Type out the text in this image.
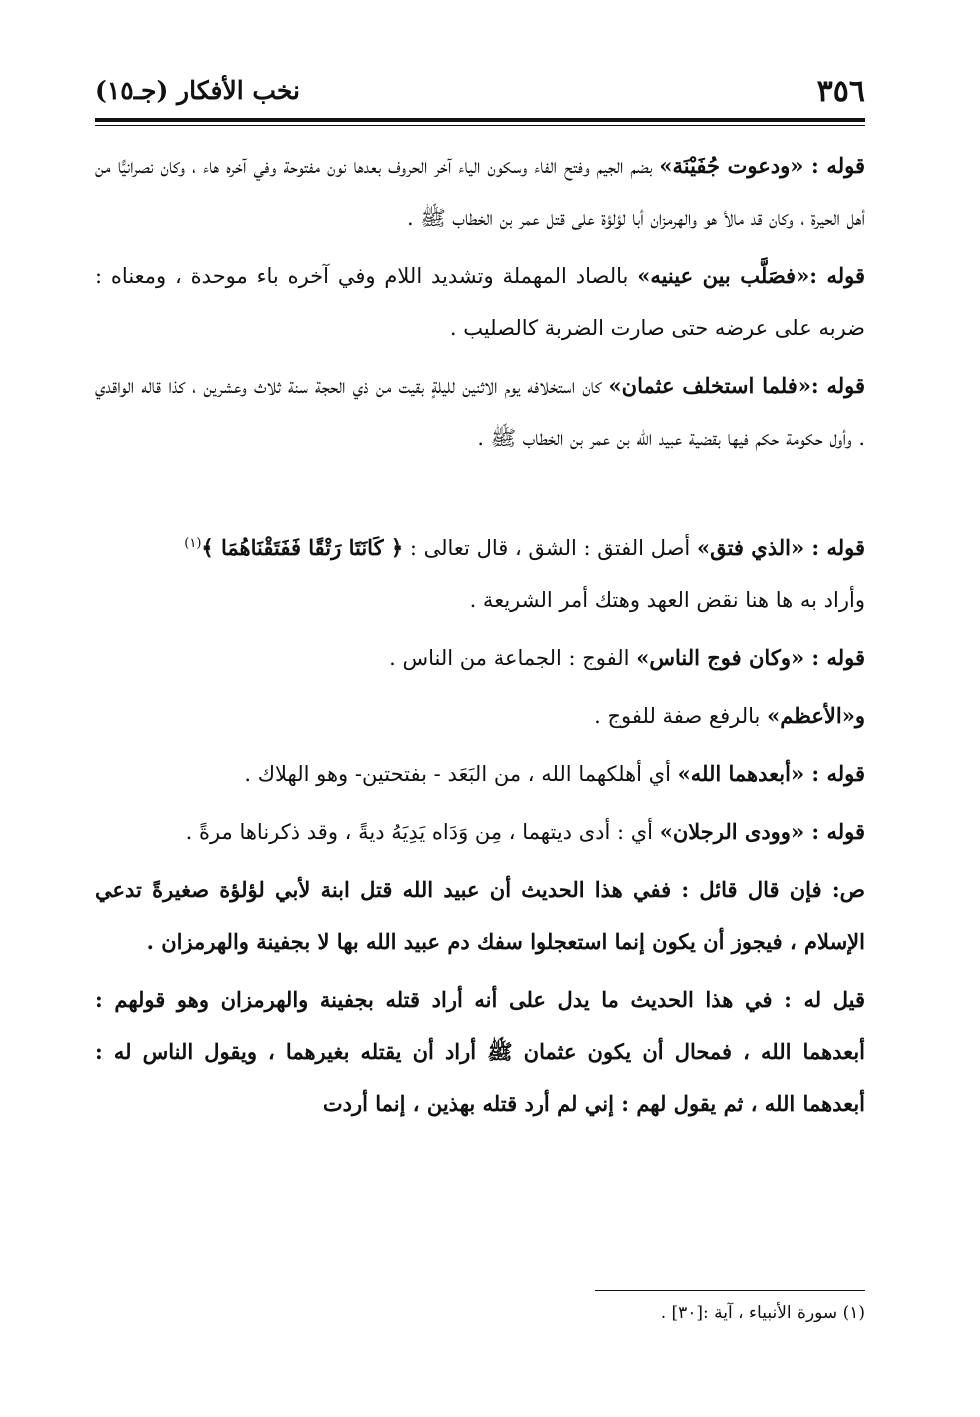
٣٥٦
نخب الأفكار (جـ١٥)

قوله : «ودعوت جُفَيْنَة» بضم الجيم وفتح الفاء وسكون الياء آخر الحروف بعدها نون مفتوحة وفي آخره هاء ، وكان نصرانيًّا من أهل الحيرة ، وكان قد مالأ هو والهرمزان أبا لؤلؤة على قتل عمر بن الخطاب ﷺ .

قوله :«فصَلَّب بين عينيه» بالصاد المهملة وتشديد اللام وفي آخره باء موحدة ، ومعناه : ضربه على عرضه حتى صارت الضربة كالصليب .

قوله :«فلما استخلف عثمان» كان استخلافه يوم الاثنين لليلةٍ بقيت من ذي الحجة سنة ثلاث وعشرين ، كذا قاله الواقدي . وأول حكومة حكم فيها بقضية عبيد الله بن عمر بن الخطاب ﷺ .

قوله : «الذي فتق» أصل الفتق : الشق ، قال تعالى : ﴿ كَانَتَا رَتْقًا فَفَتَقْنَاهُمَا ﴾$^{(١)}$
وأراد به ها هنا نقض العهد وهتك أمر الشريعة .

قوله : «وكان فوج الناس» الفوج : الجماعة من الناس .

و«الأعظم» بالرفع صفة للفوج .

قوله : «أبعدهما الله» أي أهلكهما الله ، من البَعَد - بفتحتين- وهو الهلاك .

قوله : «وودى الرجلان» أي : أدى ديتهما ، مِن وَدَاه يَدِيَهُ ديةً ، وقد ذكرناها مرةً .

ص: فإن قال قائل : ففي هذا الحديث أن عبيد الله قتل ابنة لأبي لؤلؤة صغيرةً تدعي الإسلام ، فيجوز أن يكون إنما استعجلوا سفك دم عبيد الله بها لا بجفينة والهرمزان .

قيل له : في هذا الحديث ما يدل على أنه أراد قتله بجفينة والهرمزان وهو قولهم : أبعدهما الله ، فمحال أن يكون عثمان ﷺ أراد أن يقتله بغيرهما ، ويقول الناس له : أبعدهما الله ، ثم يقول لهم : إني لم أرد قتله بهذين ، إنما أردت

(١) سورة الأنبياء ، آية :[٣٠] .
